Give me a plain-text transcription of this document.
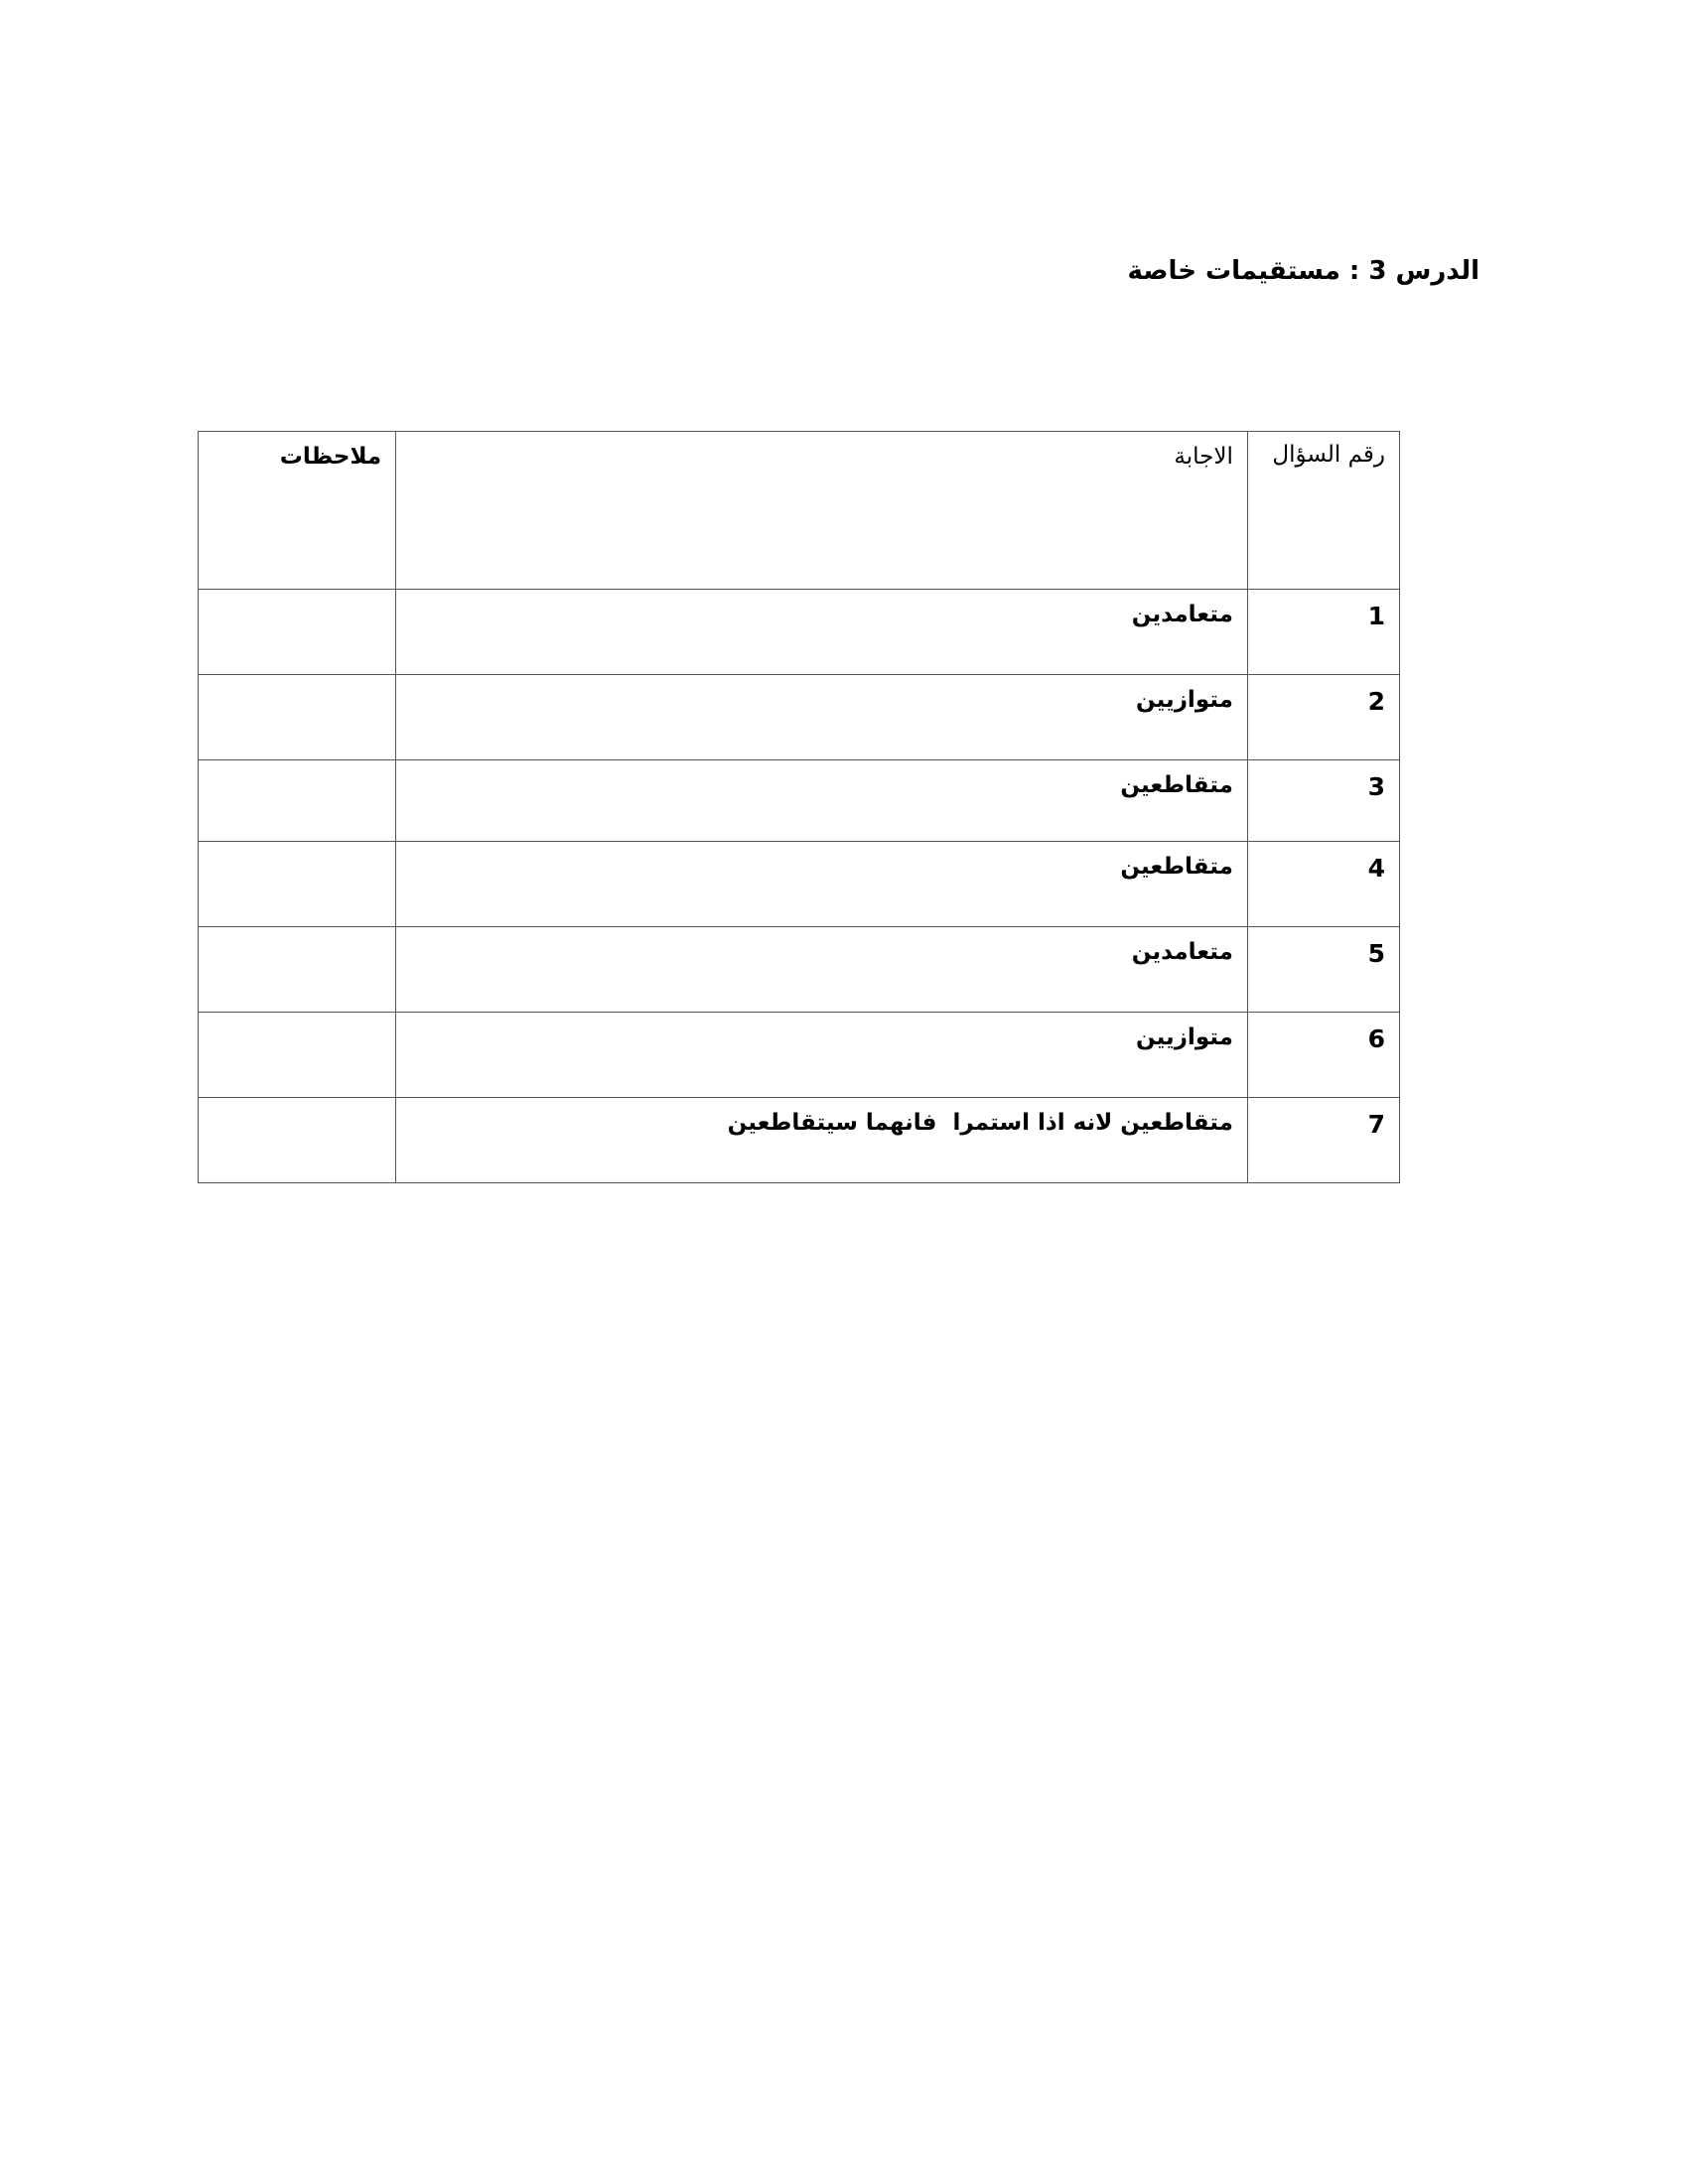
الدرس 3 : مستقيمات خاصة
رقم السؤال	الاجابة	ملاحظات
1	متعامدين	
2	متوازيين	
3	متقاطعين	
4	متقاطعين	
5	متعامدين	
6	متوازيين	
7	متقاطعين لانه اذا استمرا  فانهما سيتقاطعين	
